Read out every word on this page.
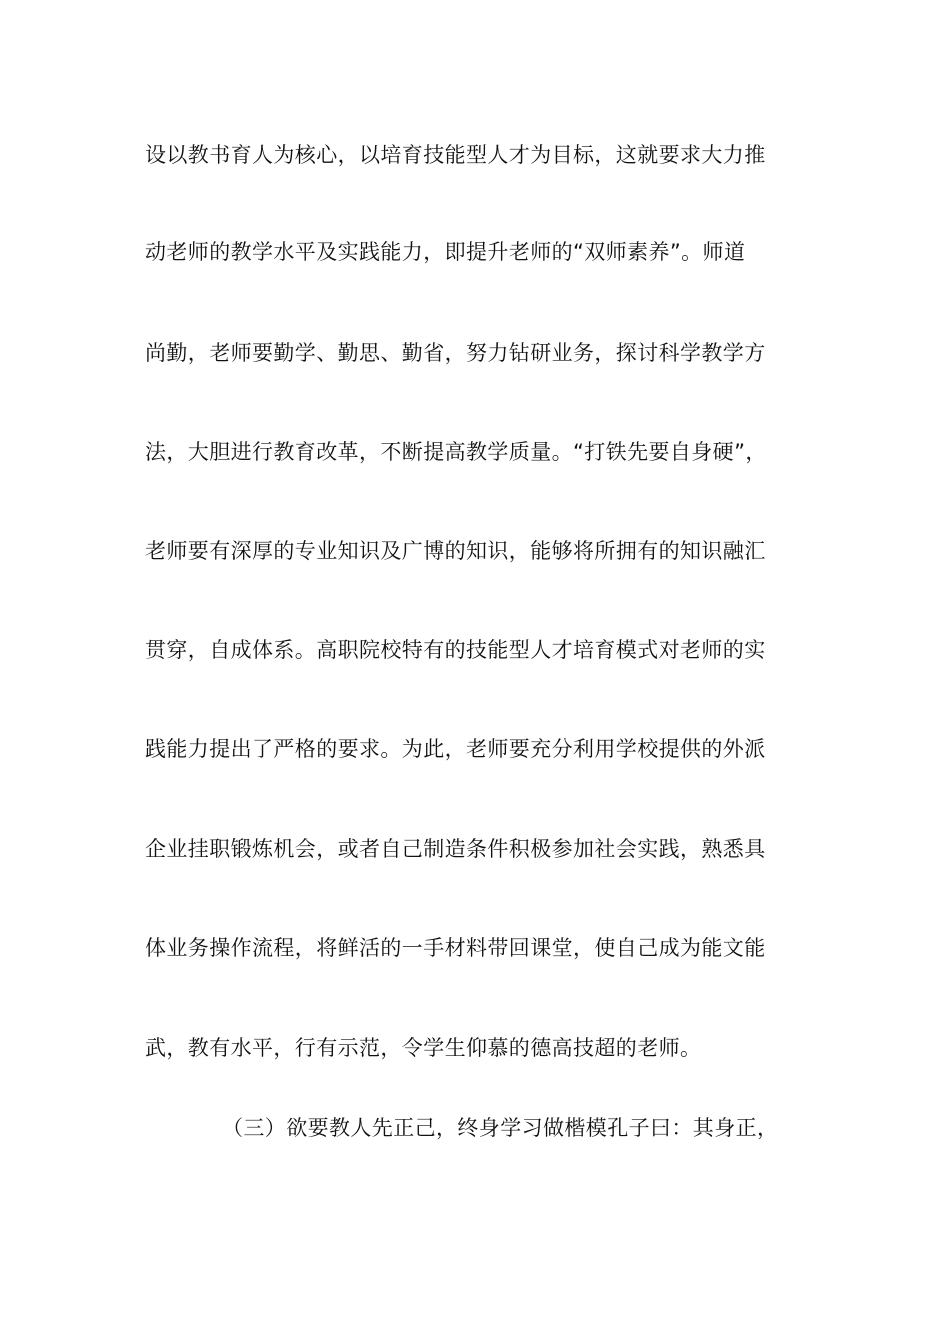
设以教书育人为核心，以培育技能型人才为目标，这就要求大力推
动老师的教学水平及实践能力，即提升老师的“双师素养”。师道
尚勤，老师要勤学、勤思、勤省，努力钻研业务，探讨科学教学方
法，大胆进行教育改革，不断提高教学质量。“打铁先要自身硬”，
老师要有深厚的专业知识及广博的知识，能够将所拥有的知识融汇
贯穿，自成体系。高职院校特有的技能型人才培育模式对老师的实
践能力提出了严格的要求。为此，老师要充分利用学校提供的外派
企业挂职锻炼机会，或者自己制造条件积极参加社会实践，熟悉具
体业务操作流程，将鲜活的一手材料带回课堂，使自己成为能文能
武，教有水平，行有示范，令学生仰慕的德高技超的老师。
（三）欲要教人先正己，终身学习做楷模孔子曰：其身正，
